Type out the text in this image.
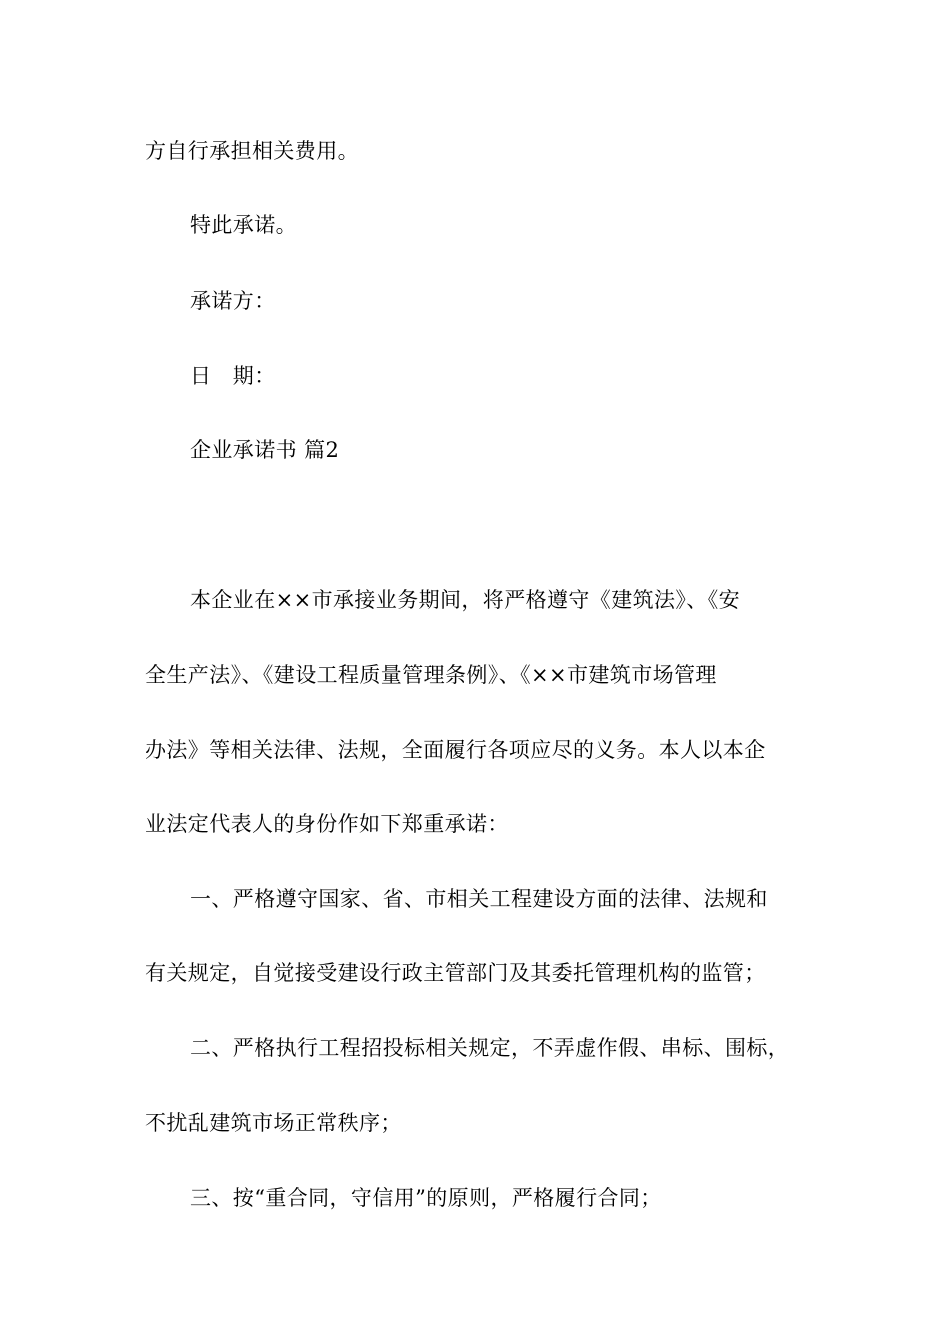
方自行承担相关费用。
特此承诺。
承诺方：
日　期：
企业承诺书 篇2
本企业在××市承接业务期间，将严格遵守《建筑法》、《安
全生产法》、《建设工程质量管理条例》、《××市建筑市场管理
办法》等相关法律、法规，全面履行各项应尽的义务。本人以本企
业法定代表人的身份作如下郑重承诺：
一、严格遵守国家、省、市相关工程建设方面的法律、法规和
有关规定，自觉接受建设行政主管部门及其委托管理机构的监管；
二、严格执行工程招投标相关规定，不弄虚作假、串标、围标，
不扰乱建筑市场正常秩序；
三、按“重合同，守信用”的原则，严格履行合同；
